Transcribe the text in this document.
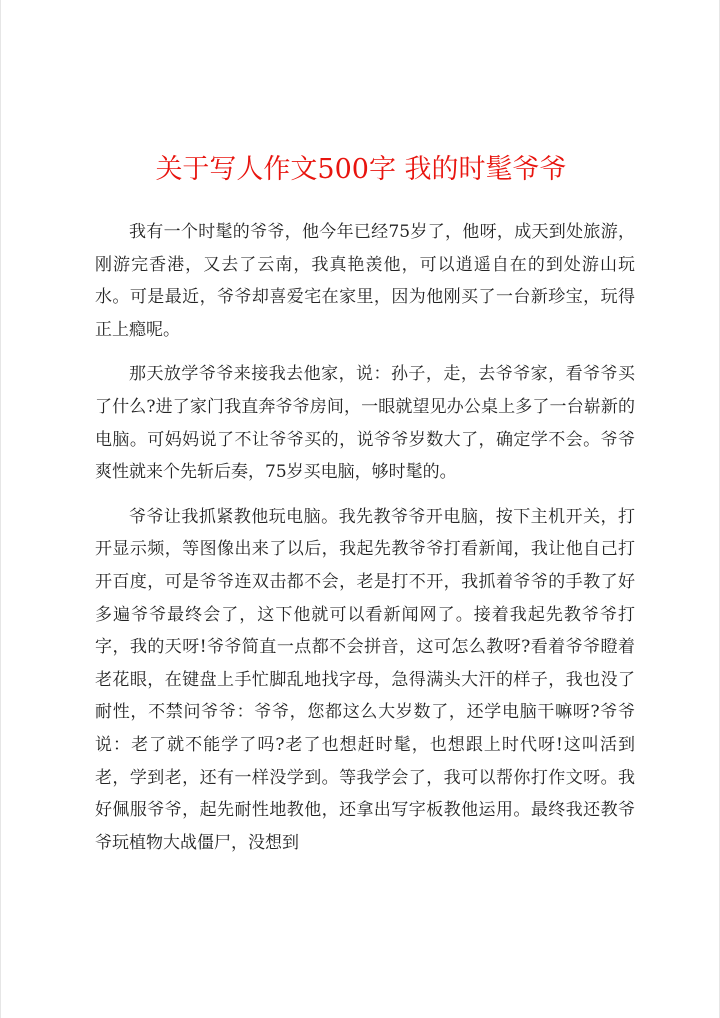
关于写人作文500字 我的时髦爷爷

我有一个时髦的爷爷，他今年已经75岁了，他呀，成天到处旅游，刚游完香港，又去了云南，我真艳羡他，可以逍遥自在的到处游山玩水。可是最近，爷爷却喜爱宅在家里，因为他刚买了一台新珍宝，玩得正上瘾呢。

那天放学爷爷来接我去他家，说：孙子，走，去爷爷家，看爷爷买了什么?进了家门我直奔爷爷房间，一眼就望见办公桌上多了一台崭新的电脑。可妈妈说了不让爷爷买的，说爷爷岁数大了，确定学不会。爷爷爽性就来个先斩后奏，75岁买电脑，够时髦的。

爷爷让我抓紧教他玩电脑。我先教爷爷开电脑，按下主机开关，打开显示频，等图像出来了以后，我起先教爷爷打看新闻，我让他自己打开百度，可是爷爷连双击都不会，老是打不开，我抓着爷爷的手教了好多遍爷爷最终会了，这下他就可以看新闻网了。接着我起先教爷爷打字，我的天呀!爷爷简直一点都不会拼音，这可怎么教呀?看着爷爷瞪着老花眼，在键盘上手忙脚乱地找字母，急得满头大汗的样子，我也没了耐性，不禁问爷爷：爷爷，您都这么大岁数了，还学电脑干嘛呀?爷爷说：老了就不能学了吗?老了也想赶时髦，也想跟上时代呀!这叫活到老，学到老，还有一样没学到。等我学会了，我可以帮你打作文呀。我好佩服爷爷，起先耐性地教他，还拿出写字板教他运用。最终我还教爷爷玩植物大战僵尸，没想到
